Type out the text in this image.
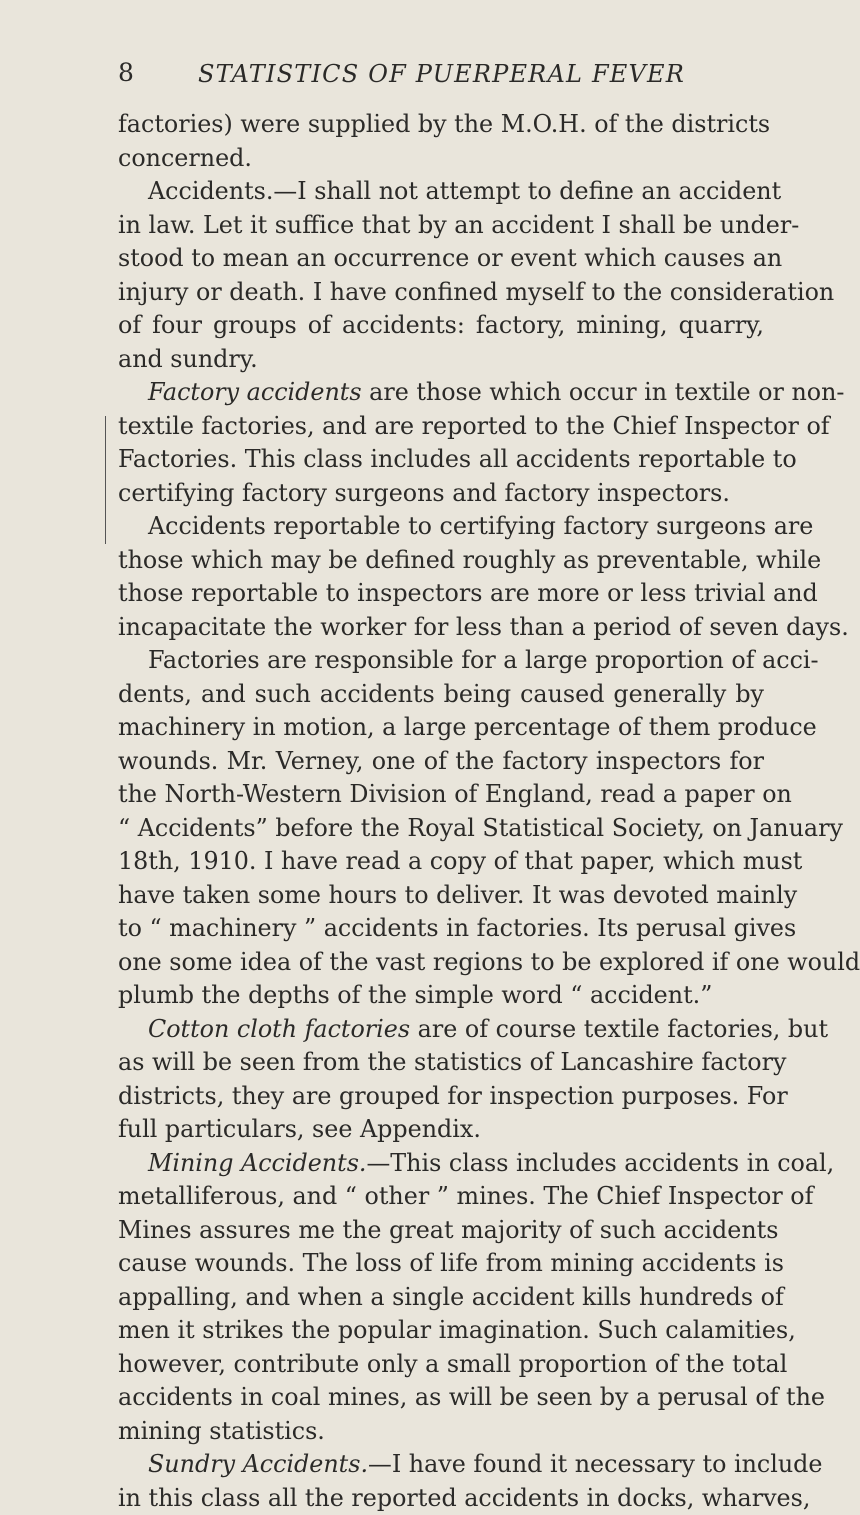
8	STATISTICS OF PUERPERAL FEVER
factories) were supplied by the M.O.H. of the districts
concerned.
Accidents.—I shall not attempt to define an accident
in law. Let it suffice that by an accident I shall be under-
stood to mean an occurrence or event which causes an
injury or death. I have confined myself to the consideration
of four groups of accidents: factory, mining, quarry,
and sundry.
Factory accidents are those which occur in textile or non-
textile factories, and are reported to the Chief Inspector of
Factories. This class includes all accidents reportable to
certifying factory surgeons and factory inspectors.
Accidents reportable to certifying factory surgeons are
those which may be defined roughly as preventable, while
those reportable to inspectors are more or less trivial and
incapacitate the worker for less than a period of seven days.
Factories are responsible for a large proportion of acci-
dents, and such accidents being caused generally by
machinery in motion, a large percentage of them produce
wounds. Mr. Verney, one of the factory inspectors for
the North-Western Division of England, read a paper on
“ Accidents” before the Royal Statistical Society, on January
18th, 1910. I have read a copy of that paper, which must
have taken some hours to deliver. It was devoted mainly
to “ machinery ” accidents in factories. Its perusal gives
one some idea of the vast regions to be explored if one would
plumb the depths of the simple word “ accident.”
Cotton cloth factories are of course textile factories, but
as will be seen from the statistics of Lancashire factory
districts, they are grouped for inspection purposes. For
full particulars, see Appendix.
Mining Accidents.—This class includes accidents in coal,
metalliferous, and “ other ” mines. The Chief Inspector of
Mines assures me the great majority of such accidents
cause wounds. The loss of life from mining accidents is
appalling, and when a single accident kills hundreds of
men it strikes the popular imagination. Such calamities,
however, contribute only a small proportion of the total
accidents in coal mines, as will be seen by a perusal of the
mining statistics.
Sundry Accidents.—I have found it necessary to include
in this class all the reported accidents in docks, wharves,
